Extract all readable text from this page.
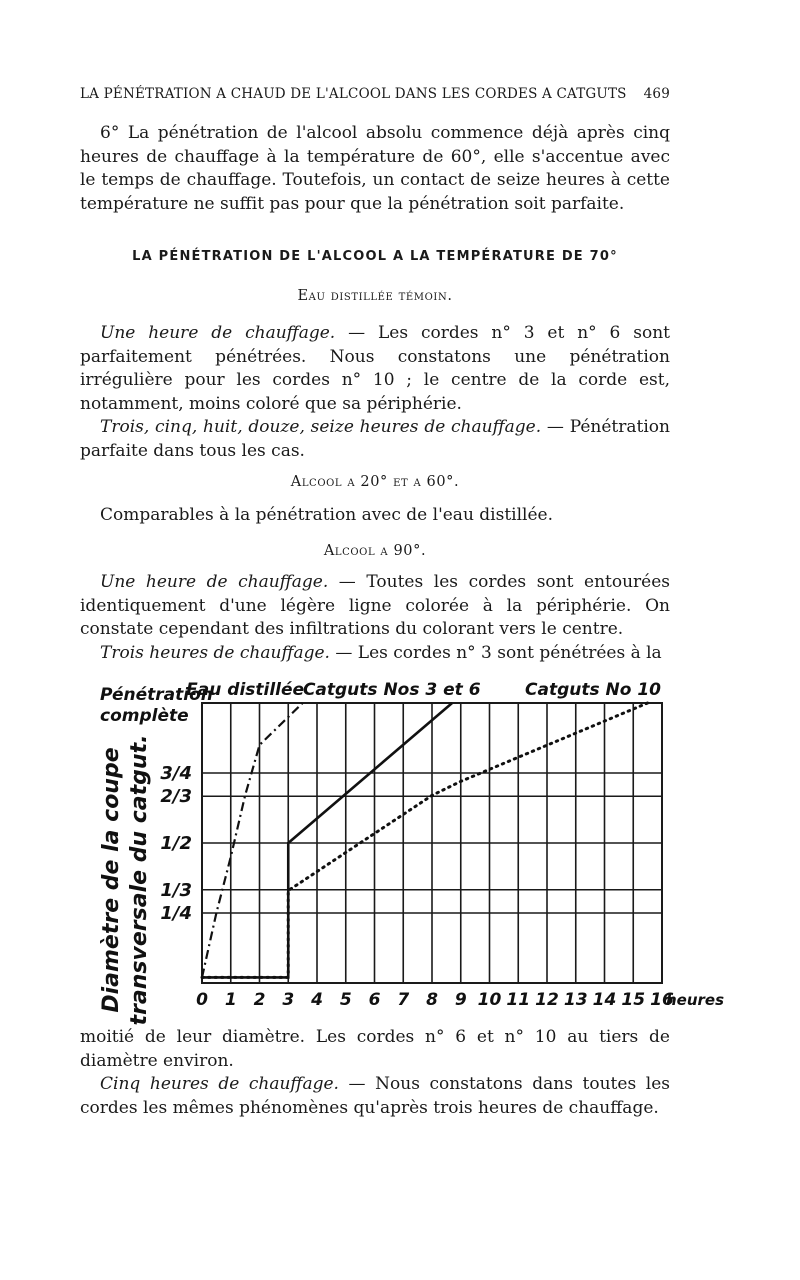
LA PÉNÉTRATION A CHAUD DE L'ALCOOL DANS LES CORDES A CATGUTS 469

6° La pénétration de l'alcool absolu commence déjà après cinq heures de chauffage à la température de 60°, elle s'accentue avec le temps de chauffage. Toutefois, un contact de seize heures à cette température ne suffit pas pour que la pénétration soit parfaite.

LA PÉNÉTRATION DE L'ALCOOL A LA TEMPÉRATURE DE 70°
Eau distillée témoin.

Une heure de chauffage. — Les cordes n° 3 et n° 6 sont parfaitement pénétrées. Nous constatons une pénétration irrégulière pour les cordes n° 10 ; le centre de la corde est, notamment, moins coloré que sa périphérie.

Trois, cinq, huit, douze, seize heures de chauffage. — Pénétration parfaite dans tous les cas.

Alcool a 20° et a 60°.

Comparables à la pénétration avec de l'eau distillée.

Alcool a 90°.

Une heure de chauffage. — Toutes les cordes sont entourées identiquement d'une légère ligne colorée à la périphérie. On constate cependant des infiltrations du colorant vers le centre.

Trois heures de chauffage. — Les cordes n° 3 sont pénétrées à la

0 1 2 3 4 5 6 7 8 9 10 11 12 13 14 15 16
heures
1/4
1/3
1/2
2/3
3/4
Pénétration
complète
Diamètre de la coupe transversale du catgut.
Eau distillée
Catguts Nos 3 et 6	Catguts No 10

moitié de leur diamètre. Les cordes n° 6 et n° 10 au tiers de diamètre environ.

Cinq heures de chauffage. — Nous constatons dans toutes les cordes les mêmes phénomènes qu'après trois heures de chauffage.
